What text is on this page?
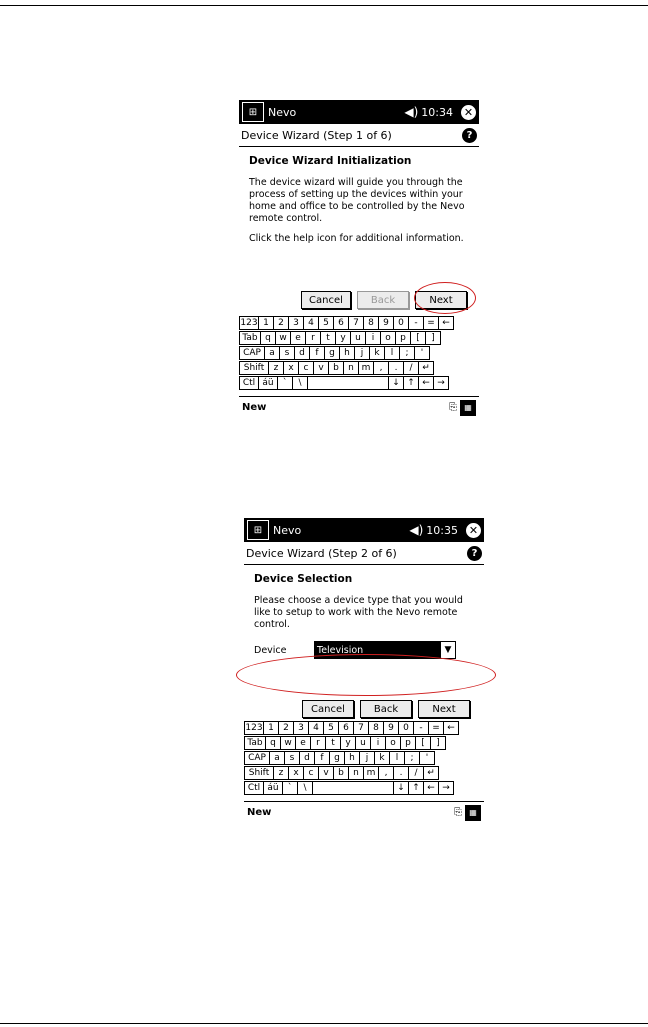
⊞ Nevo	◀) 10:34 ✕
Device Wizard (Step 1 of 6)	?
Device Wizard Initialization

The device wizard will guide you through the process of setting up the devices within your home and office to be controlled by the Nevo remote control.

Click the help icon for additional information.

Cancel	Back	Next
123 1	2	3	4	5	6	7	8	9	0	-	= ←
Tab q w e	r	t	y	u	i	o	p	[	]
CAP a	s	d	f	g	h	j	k	l	;	'
Shift	z	x	c	v	b	n m	,	.	/	↵
Ctl áü	`	\	↓ ↑ ← →
New	⎘ ▦
⊞ Nevo	◀) 10:35 ✕
Device Wizard (Step 2 of 6)	?
Device Selection

Please choose a device type that you would like to setup to work with the Nevo remote control.

Device	Television	▼
Cancel	Back	Next
123 1	2	3	4	5	6	7	8	9	0	-	= ←
Tab q w e	r	t	y	u	i	o	p	[	]
CAP a	s	d	f	g	h	j	k	l	;	'
Shift	z	x	c	v	b	n m	,	.	/	↵
Ctl áü	`	\	↓ ↑ ← →
New	⎘ ▦
